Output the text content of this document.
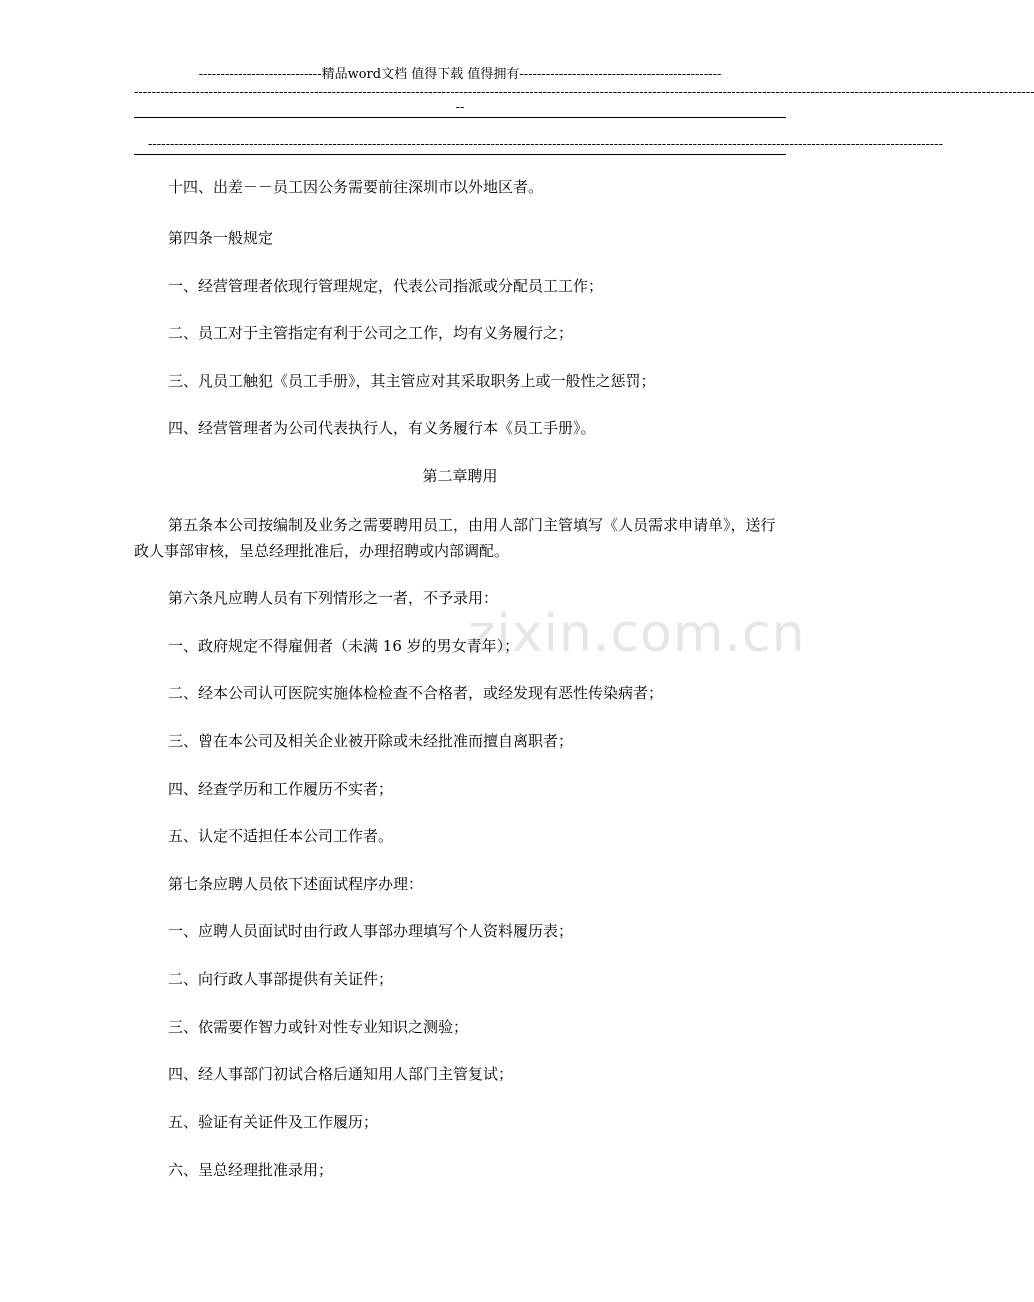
----------------------------精品word文档 值得下载 值得拥有----------------------------------------------
-------------------------------------------------------------------------------------------------------------------------------------------------------------------------------------------------------------
--
-------------------------------------------------------------------------------------------------------------------------------------------------------------------------------------
zixin.com.cn
十四、出差－－员工因公务需要前往深圳市以外地区者。
第四条一般规定
一、经营管理者依现行管理规定，代表公司指派或分配员工工作；
二、员工对于主管指定有利于公司之工作，均有义务履行之；
三、凡员工触犯《员工手册》，其主管应对其采取职务上或一般性之惩罚；
四、经营管理者为公司代表执行人，有义务履行本《员工手册》。
第二章聘用
第五条本公司按编制及业务之需要聘用员工，由用人部门主管填写《人员需求申请单》，送行政人事部审核，呈总经理批准后，办理招聘或内部调配。
第六条凡应聘人员有下列情形之一者，不予录用：
一、政府规定不得雇佣者（未满 16 岁的男女青年）；
二、经本公司认可医院实施体检检查不合格者，或经发现有恶性传染病者；
三、曾在本公司及相关企业被开除或未经批准而擅自离职者；
四、经查学历和工作履历不实者；
五、认定不适担任本公司工作者。
第七条应聘人员依下述面试程序办理：
一、应聘人员面试时由行政人事部办理填写个人资料履历表；
二、向行政人事部提供有关证件；
三、依需要作智力或针对性专业知识之测验；
四、经人事部门初试合格后通知用人部门主管复试；
五、验证有关证件及工作履历；
六、呈总经理批准录用；
